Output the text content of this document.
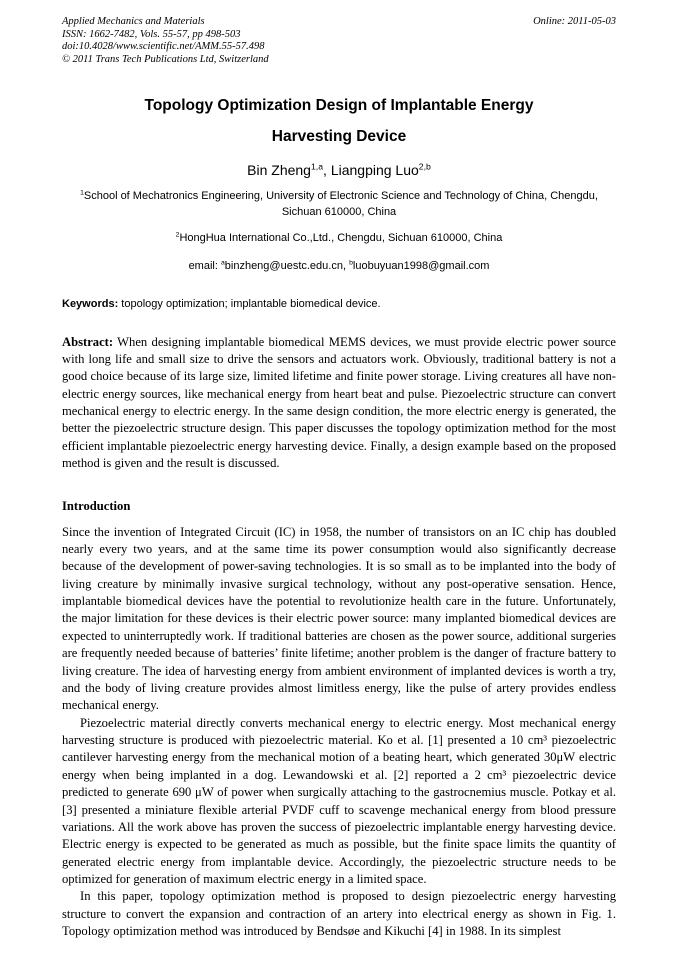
Applied Mechanics and Materials
ISSN: 1662-7482, Vols. 55-57, pp 498-503
doi:10.4028/www.scientific.net/AMM.55-57.498
© 2011 Trans Tech Publications Ltd, Switzerland
Online: 2011-05-03
Topology Optimization Design of Implantable Energy Harvesting Device
Bin Zheng$^{1,a}$, Liangping Luo$^{2,b}$
$^1$School of Mechatronics Engineering, University of Electronic Science and Technology of China, Chengdu, Sichuan 610000, China
$^2$HongHua International Co.,Ltd., Chengdu, Sichuan 610000, China
email: $^a$binzheng@uestc.edu.cn, $^b$luobuyuan1998@gmail.com
Keywords: topology optimization; implantable biomedical device.
Abstract: When designing implantable biomedical MEMS devices, we must provide electric power source with long life and small size to drive the sensors and actuators work. Obviously, traditional battery is not a good choice because of its large size, limited lifetime and finite power storage. Living creatures all have non-electric energy sources, like mechanical energy from heart beat and pulse. Piezoelectric structure can convert mechanical energy to electric energy. In the same design condition, the more electric energy is generated, the better the piezoelectric structure design. This paper discusses the topology optimization method for the most efficient implantable piezoelectric energy harvesting device. Finally, a design example based on the proposed method is given and the result is discussed.
Introduction

Since the invention of Integrated Circuit (IC) in 1958, the number of transistors on an IC chip has doubled nearly every two years, and at the same time its power consumption would also significantly decrease because of the development of power-saving technologies. It is so small as to be implanted into the body of living creature by minimally invasive surgical technology, without any post-operative sensation. Hence, implantable biomedical devices have the potential to revolutionize health care in the future. Unfortunately, the major limitation for these devices is their electric power source: many implanted biomedical devices are expected to uninterruptedly work. If traditional batteries are chosen as the power source, additional surgeries are frequently needed because of batteries’ finite lifetime; another problem is the danger of fracture battery to living creature. The idea of harvesting energy from ambient environment of implanted devices is worth a try, and the body of living creature provides almost limitless energy, like the pulse of artery provides endless mechanical energy.

Piezoelectric material directly converts mechanical energy to electric energy. Most mechanical energy harvesting structure is produced with piezoelectric material. Ko et al. [1] presented a 10 cm³ piezoelectric cantilever harvesting energy from the mechanical motion of a beating heart, which generated 30μW electric energy when being implanted in a dog. Lewandowski et al. [2] reported a 2 cm³ piezoelectric device predicted to generate 690 μW of power when surgically attaching to the gastrocnemius muscle. Potkay et al.[3] presented a miniature flexible arterial PVDF cuff to scavenge mechanical energy from blood pressure variations. All the work above has proven the success of piezoelectric implantable energy harvesting device. Electric energy is expected to be generated as much as possible, but the finite space limits the quantity of generated electric energy from implantable device. Accordingly, the piezoelectric structure needs to be optimized for generation of maximum electric energy in a limited space.

In this paper, topology optimization method is proposed to design piezoelectric energy harvesting structure to convert the expansion and contraction of an artery into electrical energy as shown in Fig. 1. Topology optimization method was introduced by Bendsøe and Kikuchi [4] in 1988. In its simplest
